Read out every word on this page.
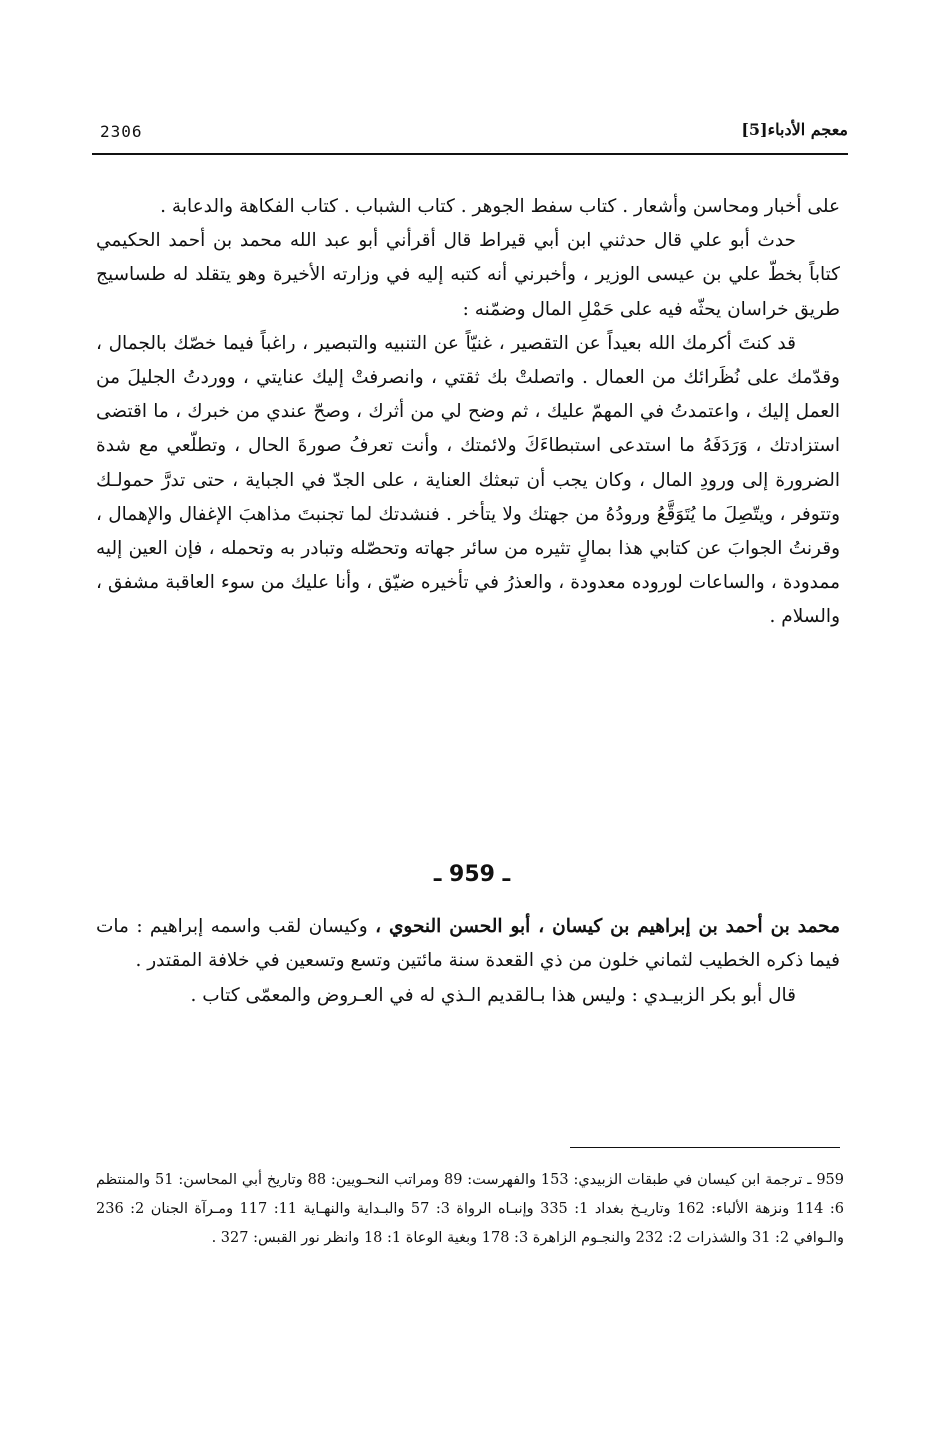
معجم الأدباء[5]
2306

على أخبار ومحاسن وأشعار . كتاب سفط الجوهر . كتاب الشباب . كتاب الفكاهة والدعابة .

حدث أبو علي قال حدثني ابن أبي قيراط قال أقرأني أبو عبد الله محمد بن أحمد الحكيمي كتاباً بخطّ علي بن عيسى الوزير ، وأخبرني أنه كتبه إليه في وزارته الأخيرة وهو يتقلد له طساسيج طريق خراسان يحثّه فيه على حَمْلِ المال وضمّنه :

قد كنتَ أكرمك الله بعيداً عن التقصير ، غنيّاً عن التنبيه والتبصير ، راغباً فيما خصّك بالجمال ، وقدّمك على نُظَرائك من العمال . واتصلتْ بك ثقتي ، وانصرفتْ إليك عنايتي ، ووردتُ الجليلَ من العمل إليك ، واعتمدتُ في المهمّ عليك ، ثم وضح لي من أثرك ، وصحّ عندي من خبرك ، ما اقتضى استزادتك ، وَرَدَفَهُ ما استدعى استبطاءَكَ ولائمتك ، وأنت تعرفُ صورةَ الحال ، وتطلّعي مع شدة الضرورة إلى ورودِ المال ، وكان يجب أن تبعثك العناية ، على الجدّ في الجباية ، حتى تدرَّ حمولـك وتتوفر ، ويتّصِلَ ما يُتَوَقَّعُ ورودُهُ من جهتك ولا يتأخر . فنشدتك لما تجنبتَ مذاهبَ الإغفال والإهمال ، وقرنتُ الجوابَ عن كتابي هذا بمالٍ تثيره من سائر جهاته وتحصّله وتبادر به وتحمله ، فإن العين إليه ممدودة ، والساعات لوروده معدودة ، والعذرُ في تأخيره ضيّق ، وأنا عليك من سوء العاقبة مشفق ، والسلام .

ـ 959 ـ

محمد بن أحمد بن إبراهيم بن كيسان ، أبو الحسن النحوي ، وكيسان لقب واسمه إبراهيم : مات فيما ذكره الخطيب لثماني خلون من ذي القعدة سنة مائتين وتسع وتسعين في خلافة المقتدر .

قال أبو بكر الزبيـدي : وليس هذا بـالقديم الـذي له في العـروض والمعمّى كتاب .

959 ـ ترجمة ابن كيسان في طبقات الزبيدي: 153 والفهرست: 89 ومراتب النحـويين: 88 وتاريخ أبي المحاسن: 51 والمنتظم 6: 114 ونزهة الألباء: 162 وتاريـخ بغداد 1: 335 وإنبـاه الرواة 3: 57 والبـداية والنهـاية 11: 117 ومـرآة الجنان 2: 236 والـوافي 2: 31 والشذرات 2: 232 والنجـوم الزاهرة 3: 178 وبغية الوعاة 1: 18 وانظر نور القبس: 327 .
